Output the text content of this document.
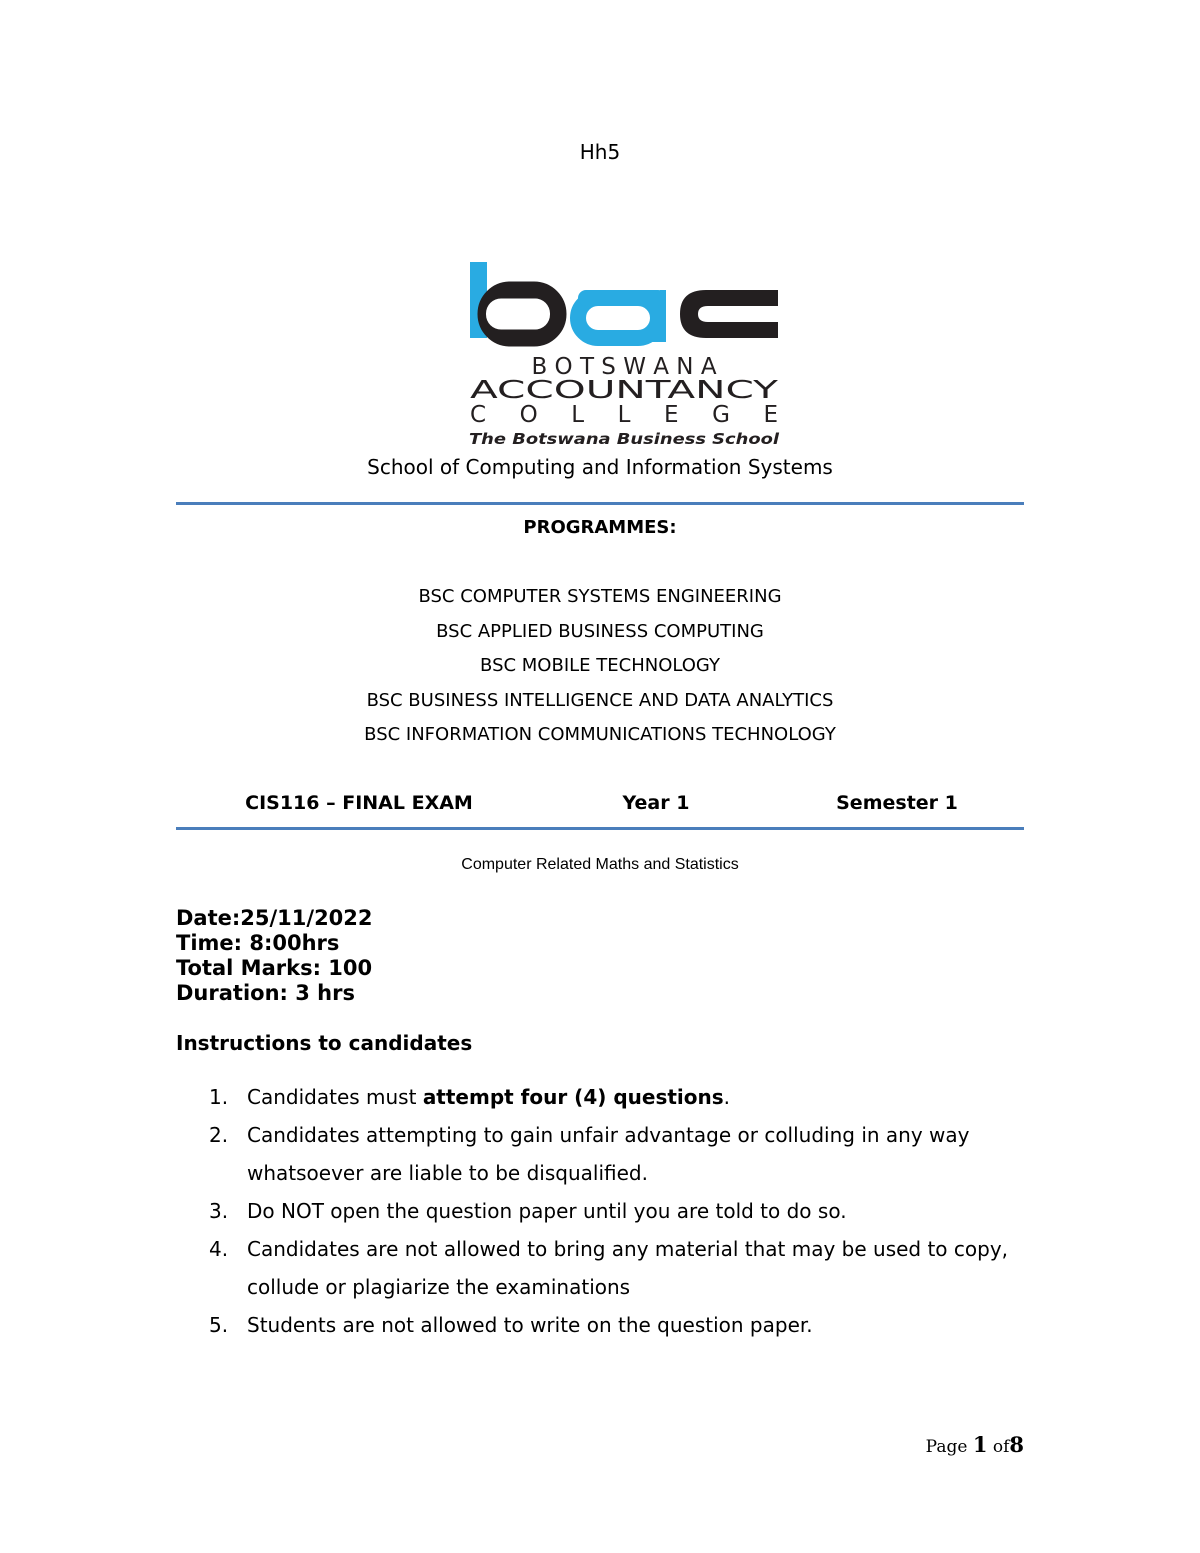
Hh5
B O T S W A N A
ACCOUNTANCY
C O L L E G E
The Botswana Business School
School of Computing and Information Systems
PROGRAMMES:
BSC COMPUTER SYSTEMS ENGINEERING
BSC APPLIED BUSINESS COMPUTING
BSC MOBILE TECHNOLOGY
BSC BUSINESS INTELLIGENCE AND DATA ANALYTICS
BSC INFORMATION COMMUNICATIONS TECHNOLOGY
CIS116 – FINAL EXAM	Year 1	Semester 1
Computer Related Maths and Statistics
Date:25/11/2022
Time: 8:00hrs
Total Marks: 100
Duration: 3 hrs
Instructions to candidates
1. Candidates must attempt four (4) questions.
2. Candidates attempting to gain unfair advantage or colluding in any way whatsoever are liable to be disqualified.
3. Do NOT open the question paper until you are told to do so.
4. Candidates are not allowed to bring any material that may be used to copy, collude or plagiarize the examinations
5. Students are not allowed to write on the question paper.
Page 1 of8
